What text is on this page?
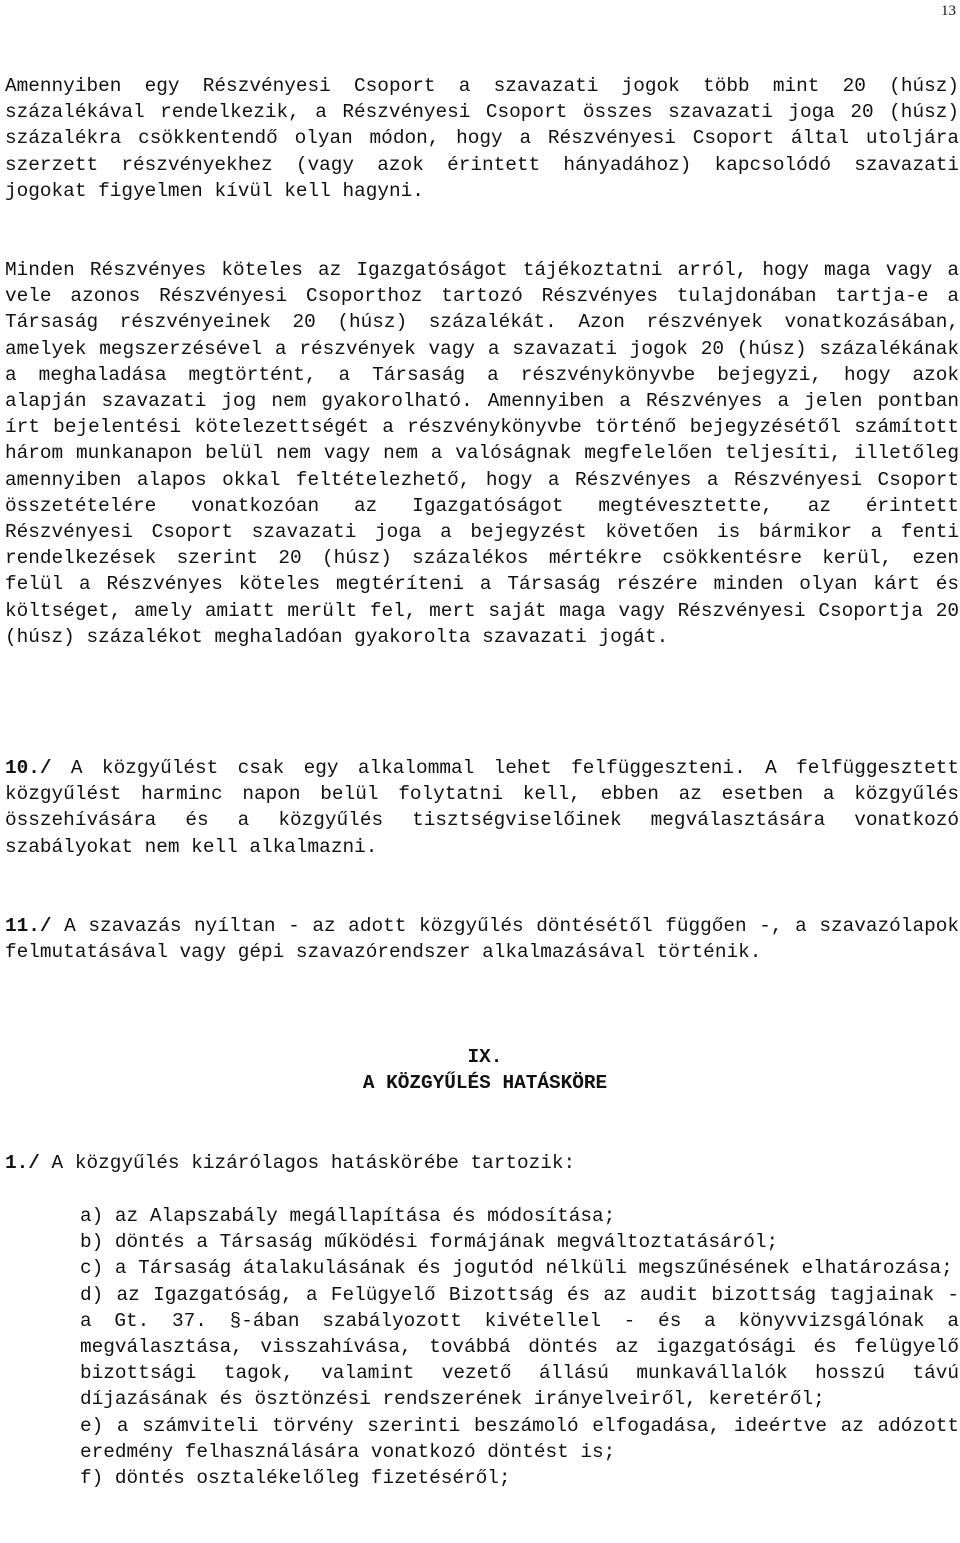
13

Amennyiben egy Részvényesi Csoport a szavazati jogok több mint 20 (húsz) százalékával rendelkezik, a Részvényesi Csoport összes szavazati joga 20 (húsz) százalékra csökkentendő olyan módon, hogy a Részvényesi Csoport által utoljára szerzett részvényekhez (vagy azok érintett hányadához) kapcsolódó szavazati jogokat figyelmen kívül kell hagyni.

Minden Részvényes köteles az Igazgatóságot tájékoztatni arról, hogy maga vagy a vele azonos Részvényesi Csoporthoz tartozó Részvényes tulajdonában tartja-e a Társaság részvényeinek 20 (húsz) százalékát. Azon részvények vonatkozásában, amelyek megszerzésével a részvények vagy a szavazati jogok 20 (húsz) százalékának a meghaladása megtörtént, a Társaság a részvénykönyvbe bejegyzi, hogy azok alapján szavazati jog nem gyakorolható. Amennyiben a Részvényes a jelen pontban írt bejelentési kötelezettségét a részvénykönyvbe történő bejegyzésétől számított három munkanapon belül nem vagy nem a valóságnak megfelelően teljesíti, illetőleg amennyiben alapos okkal feltételezhető, hogy a Részvényes a Részvényesi Csoport összetételére vonatkozóan az Igazgatóságot megtévesztette, az érintett Részvényesi Csoport szavazati joga a bejegyzést követően is bármikor a fenti rendelkezések szerint 20 (húsz) százalékos mértékre csökkentésre kerül, ezen felül a Részvényes köteles megtéríteni a Társaság részére minden olyan kárt és költséget, amely amiatt merült fel, mert saját maga vagy Részvényesi Csoportja 20 (húsz) százalékot meghaladóan gyakorolta szavazati jogát.

10./ A közgyűlést csak egy alkalommal lehet felfüggeszteni. A felfüggesztett közgyűlést harminc napon belül folytatni kell, ebben az esetben a közgyűlés összehívására és a közgyűlés tisztségviselőinek megválasztására vonatkozó szabályokat nem kell alkalmazni.

11./ A szavazás nyíltan - az adott közgyűlés döntésétől függően -, a szavazólapok felmutatásával vagy gépi szavazórendszer alkalmazásával történik.

IX.
A KÖZGYŰLÉS HATÁSKÖRE

1./ A közgyűlés kizárólagos hatáskörébe tartozik:

a) az Alapszabály megállapítása és módosítása;
b) döntés a Társaság működési formájának megváltoztatásáról;
c) a Társaság átalakulásának és jogutód nélküli megszűnésének elhatározása;
d) az Igazgatóság, a Felügyelő Bizottság és az audit bizottság tagjainak - a Gt. 37. §-ában szabályozott kivétellel - és a könyvvizsgálónak a megválasztása, visszahívása, továbbá döntés az igazgatósági és felügyelő bizottsági tagok, valamint vezető állású munkavállalók hosszú távú díjazásának és ösztönzési rendszerének irányelveiről, keretéről;
e) a számviteli törvény szerinti beszámoló elfogadása, ideértve az adózott eredmény felhasználására vonatkozó döntést is;
f) döntés osztalékelőleg fizetéséről;
